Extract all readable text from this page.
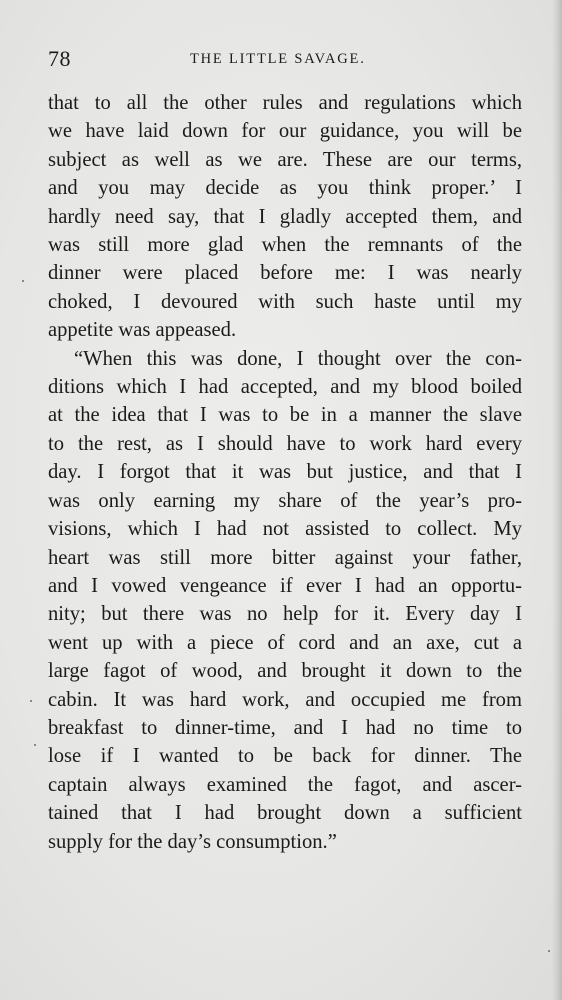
78	THE LITTLE SAVAGE.
that to all the other rules and regulations which
we have laid down for our guidance, you will be
subject as well as we are. These are our terms,
and you may decide as you think proper.’ I
hardly need say, that I gladly accepted them, and
was still more glad when the remnants of the
dinner were placed before me: I was nearly
choked, I devoured with such haste until my
appetite was appeased.
“When this was done, I thought over the con-
ditions which I had accepted, and my blood boiled
at the idea that I was to be in a manner the slave
to the rest, as I should have to work hard every
day. I forgot that it was but justice, and that I
was only earning my share of the year’s pro-
visions, which I had not assisted to collect. My
heart was still more bitter against your father,
and I vowed vengeance if ever I had an opportu-
nity; but there was no help for it. Every day I
went up with a piece of cord and an axe, cut a
large fagot of wood, and brought it down to the
cabin. It was hard work, and occupied me from
breakfast to dinner-time, and I had no time to
lose if I wanted to be back for dinner. The
captain always examined the fagot, and ascer-
tained that I had brought down a sufficient
supply for the day’s consumption.”
